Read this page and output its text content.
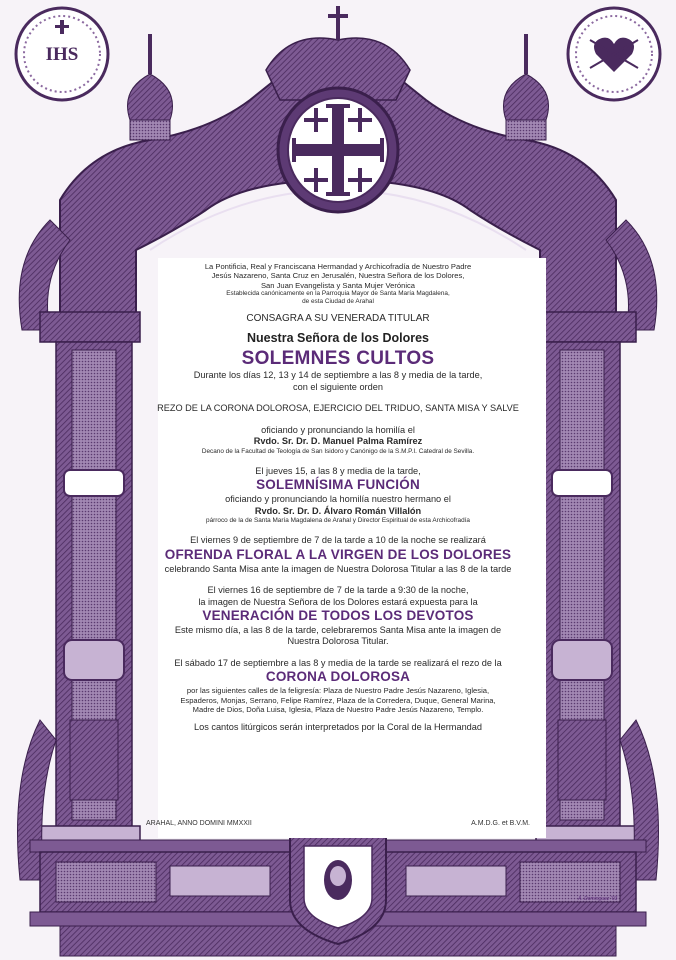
IHS

La Pontificia, Real y Franciscana Hermandad y Archicofradía de Nuestro Padre

Jesús Nazareno, Santa Cruz en Jerusalén, Nuestra Señora de los Dolores,

San Juan Evangelista y Santa Mujer Verónica

Establecida canónicamente en la Parroquia Mayor de Santa María Magdalena,

de esta Ciudad de Arahal

CONSAGRA A SU VENERADA TITULAR

Nuestra Señora de los Dolores

SOLEMNES CULTOS

Durante los días 12, 13 y 14 de septiembre a las 8 y media de la tarde,

con el siguiente orden

REZO DE LA CORONA DOLOROSA, EJERCICIO DEL TRIDUO, SANTA MISA Y SALVE

oficiando y pronunciando la homilía el

Rvdo. Sr. Dr. D. Manuel Palma Ramírez

Decano de la Facultad de Teología de San Isidoro y Canónigo de la S.M.P.I. Catedral de Sevilla.

El jueves 15, a las 8 y media de la tarde,

SOLEMNÍSIMA FUNCIÓN

oficiando y pronunciando la homilía nuestro hermano el

Rvdo. Sr. Dr. D. Álvaro Román Villalón

párroco de la de Santa María Magdalena de Arahal y Director Espiritual de esta Archicofradía

El viernes 9 de septiembre de 7 de la tarde a 10 de la noche se realizará

OFRENDA FLORAL A LA VIRGEN DE LOS DOLORES

celebrando Santa Misa ante la imagen de Nuestra Dolorosa Titular a las 8 de la tarde

El viernes 16 de septiembre de 7 de la tarde a 9:30 de la noche,

la imagen de Nuestra Señora de los Dolores estará expuesta para la

VENERACIÓN DE TODOS LOS DEVOTOS

Este mismo día, a las 8 de la tarde, celebraremos Santa Misa ante la imagen de

Nuestra Dolorosa Titular.

El sábado 17 de septiembre a las 8 y media de la tarde se realizará el rezo de la

CORONA DOLOROSA

por las siguientes calles de la feligresía: Plaza de Nuestro Padre Jesús Nazareno, Iglesia,

Espaderos, Monjas, Serrano, Felipe Ramírez, Plaza de la Corredera, Duque, General Marina,

Madre de Dios, Doña Luisa, Iglesia, Plaza de Nuestro Padre Jesús Nazareno, Templo.

Los cantos litúrgicos serán interpretados por la Coral de la Hermandad

ARAHAL, ANNO DOMINI MMXXII	A.M.D.G. et B.V.M.
A. Dominguez '03
